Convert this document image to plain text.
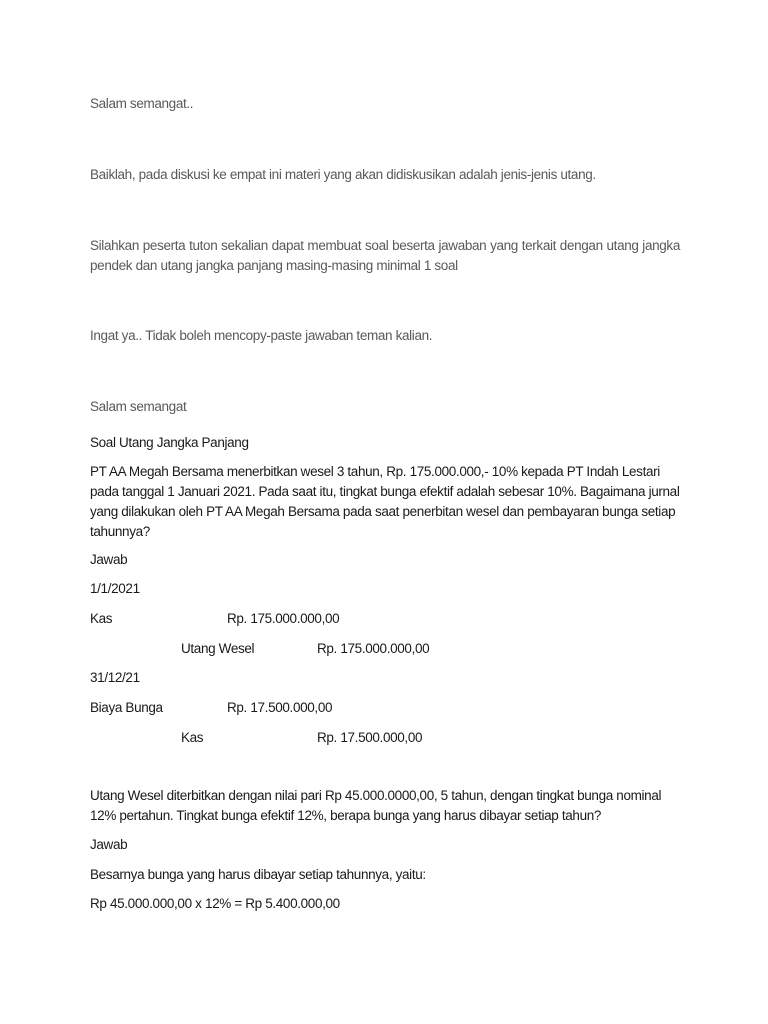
Salam semangat..
Baiklah, pada diskusi ke empat ini materi yang akan didiskusikan adalah jenis-jenis utang.
Silahkan peserta tuton sekalian dapat membuat soal beserta jawaban yang terkait dengan utang jangka pendek dan utang jangka panjang masing-masing minimal 1 soal
Ingat ya.. Tidak boleh mencopy-paste jawaban teman kalian.
Salam semangat
Soal Utang Jangka Panjang
PT AA Megah Bersama menerbitkan wesel 3 tahun, Rp. 175.000.000,- 10% kepada PT Indah Lestari pada tanggal 1 Januari 2021. Pada saat itu, tingkat bunga efektif adalah sebesar 10%. Bagaimana jurnal yang dilakukan oleh PT AA Megah Bersama pada saat penerbitan wesel dan pembayaran bunga setiap tahunnya?
Jawab
1/1/2021
Kas	Rp. 175.000.000,00
Utang Wesel	Rp. 175.000.000,00
31/12/21
Biaya Bunga	Rp. 17.500.000,00
Kas	Rp. 17.500.000,00
Utang Wesel diterbitkan dengan nilai pari Rp 45.000.0000,00, 5 tahun, dengan tingkat bunga nominal 12% pertahun. Tingkat bunga efektif 12%, berapa bunga yang harus dibayar setiap tahun?
Jawab
Besarnya bunga yang harus dibayar setiap tahunnya, yaitu:
Rp 45.000.000,00 x 12% = Rp 5.400.000,00
